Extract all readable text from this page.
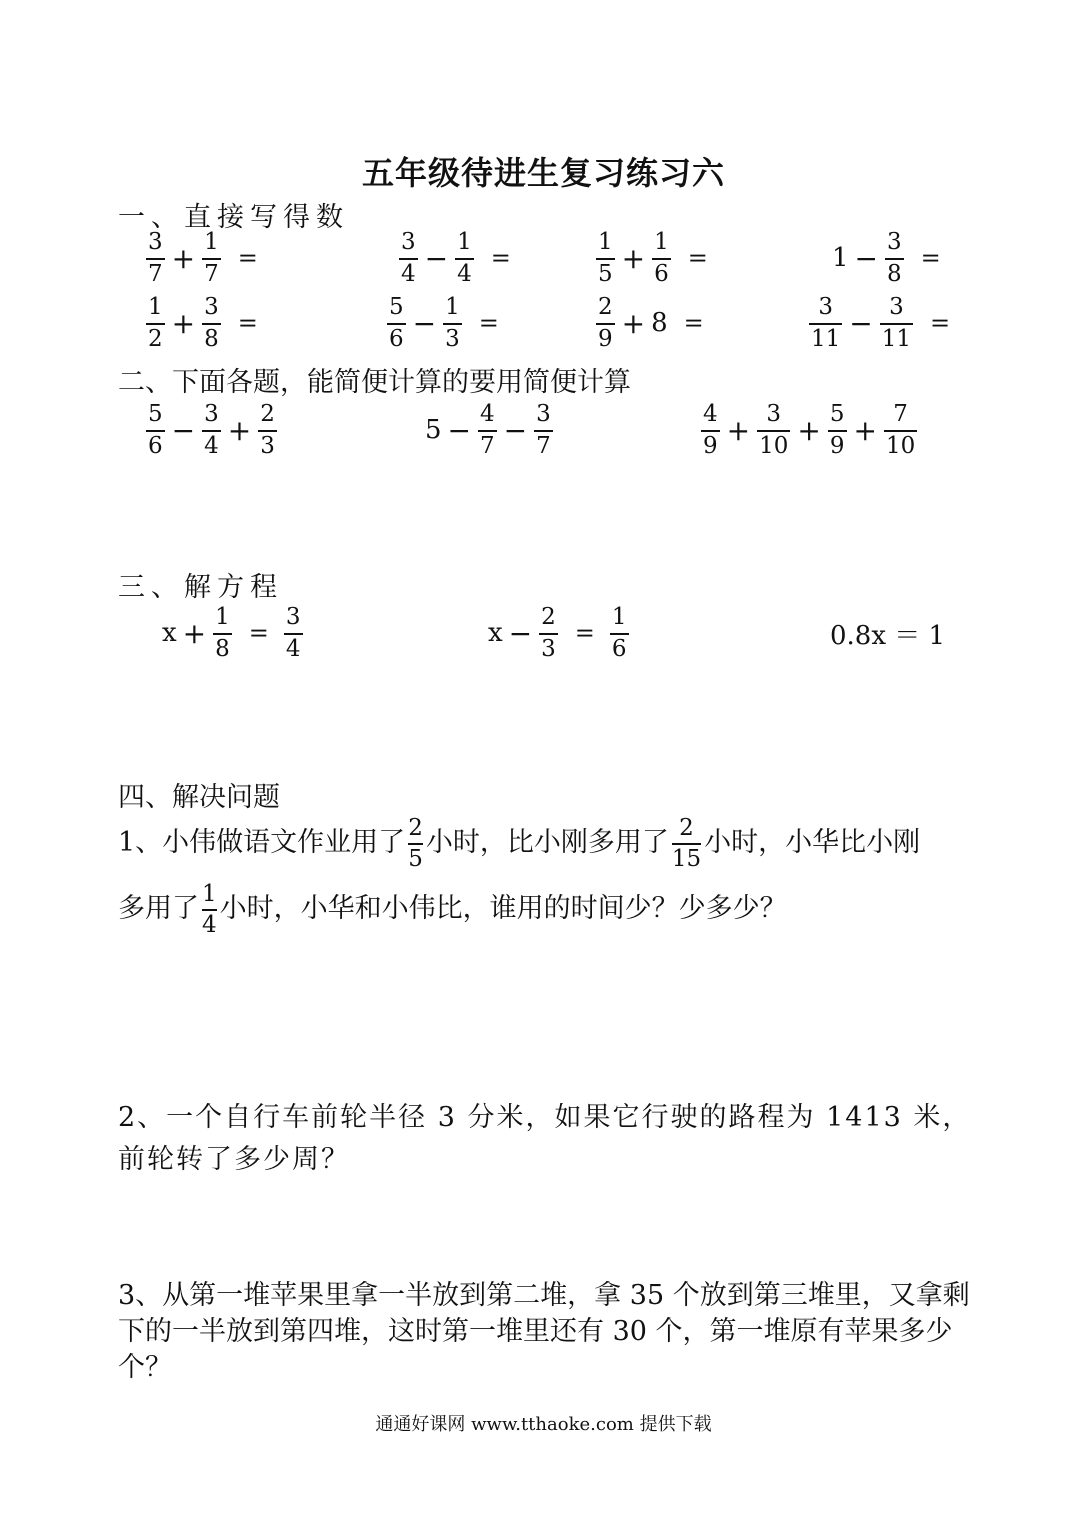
五年级待进生复习练习六
一、直接写得数
$\frac{3}{7} + \frac{1}{7}$ =	$\frac{3}{4} - \frac{1}{4}$ =	$\frac{1}{5} + \frac{1}{6}$ =	$1 - \frac{3}{8}$ =
$\frac{1}{2} + \frac{3}{8}$ =	$\frac{5}{6} - \frac{1}{3}$ =	$\frac{2}{9} + 8$ =	$\frac{3}{11} - \frac{3}{11}$ =
二、下面各题，能简便计算的要用简便计算
$\frac{5}{6} - \frac{3}{4} + \frac{2}{3}$	$5 - \frac{4}{7} - \frac{3}{7}$	$\frac{4}{9} + \frac{3}{10} + \frac{5}{9} + \frac{7}{10}$
三、解方程
$x + \frac{1}{8} = \frac{3}{4}$	$x - \frac{2}{3} = \frac{1}{6}$	0.8x ＝ 1
四、解决问题
1、小伟做语文作业用了 $\frac{2}{5}$ 小时，比小刚多用了 $\frac{2}{15}$ 小时，小华比小刚
多用了 $\frac{1}{4}$ 小时，小华和小伟比，谁用的时间少？少多少？
2、一个自行车前轮半径 3 分米，如果它行驶的路程为 1413 米，前轮转了多少周？
3、从第一堆苹果里拿一半放到第二堆，拿 35 个放到第三堆里，又拿剩下的一半放到第四堆，这时第一堆里还有 30 个，第一堆原有苹果多少个？
通通好课网 www.tthaoke.com 提供下载
